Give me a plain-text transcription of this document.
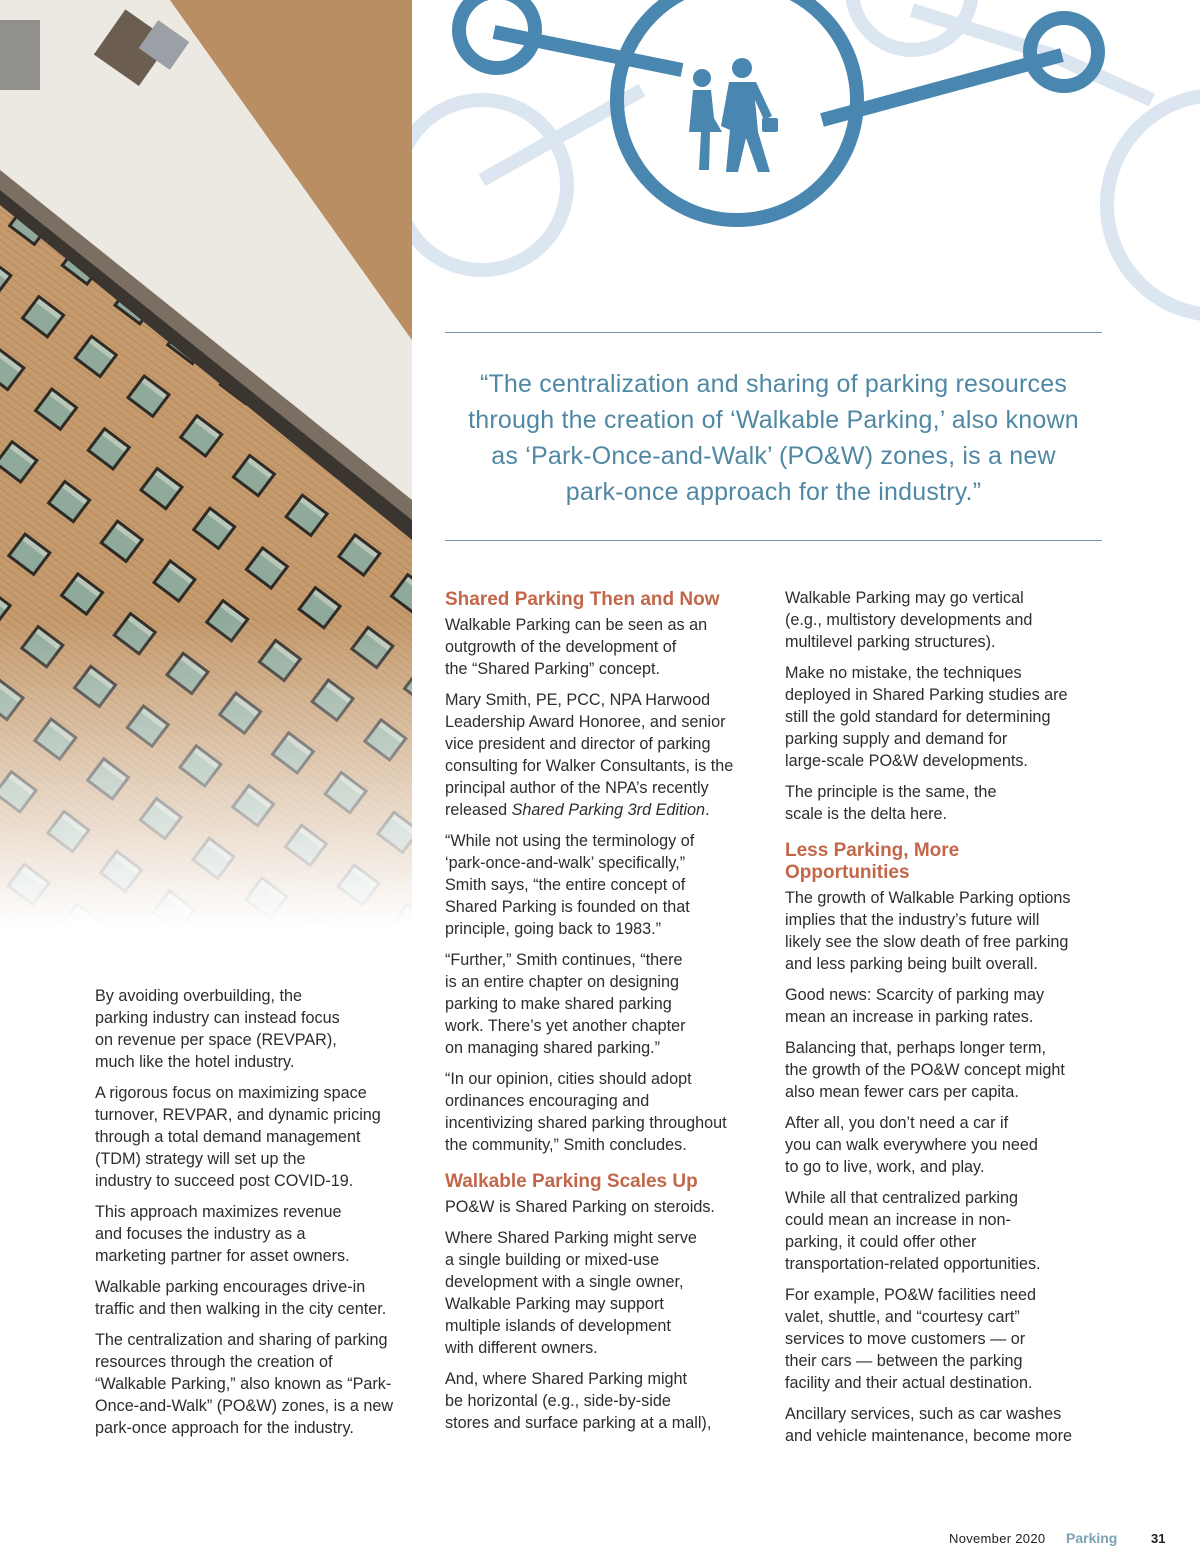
“The centralization and sharing of parking resources
through the creation of ‘Walkable Parking,’ also known
as ‘Park-Once-and-Walk’ (PO&W) zones, is a new
park-once approach for the industry.”

By avoiding overbuilding, the
parking industry can instead focus
on revenue per space (REVPAR),
much like the hotel industry.

A rigorous focus on maximizing space
turnover, REVPAR, and dynamic pricing
through a total demand management
(TDM) strategy will set up the
industry to succeed post COVID-19.

This approach maximizes revenue
and focuses the industry as a
marketing partner for asset owners.

Walkable parking encourages drive-in
traffic and then walking in the city center.

The centralization and sharing of parking
resources through the creation of
“Walkable Parking,” also known as “Park-
Once-and-Walk” (PO&W) zones, is a new
park-once approach for the industry.

Shared Parking Then and Now

Walkable Parking can be seen as an
outgrowth of the development of
the “Shared Parking” concept.

Mary Smith, PE, PCC, NPA Harwood
Leadership Award Honoree, and senior
vice president and director of parking
consulting for Walker Consultants, is the
principal author of the NPA’s recently
released Shared Parking 3rd Edition.

“While not using the terminology of
‘park-once-and-walk’ specifically,”
Smith says, “the entire concept of
Shared Parking is founded on that
principle, going back to 1983.”

“Further,” Smith continues, “there
is an entire chapter on designing
parking to make shared parking
work. There’s yet another chapter
on managing shared parking.”

“In our opinion, cities should adopt
ordinances encouraging and
incentivizing shared parking throughout
the community,” Smith concludes.

Walkable Parking Scales Up

PO&W is Shared Parking on steroids.

Where Shared Parking might serve
a single building or mixed-use
development with a single owner,
Walkable Parking may support
multiple islands of development
with different owners.

And, where Shared Parking might
be horizontal (e.g., side-by-side
stores and surface parking at a mall),

Walkable Parking may go vertical
(e.g., multistory developments and
multilevel parking structures).

Make no mistake, the techniques
deployed in Shared Parking studies are
still the gold standard for determining
parking supply and demand for
large-scale PO&W developments.

The principle is the same, the
scale is the delta here.

Less Parking, More
Opportunities

The growth of Walkable Parking options
implies that the industry’s future will
likely see the slow death of free parking
and less parking being built overall.

Good news: Scarcity of parking may
mean an increase in parking rates.

Balancing that, perhaps longer term,
the growth of the PO&W concept might
also mean fewer cars per capita.

After all, you don’t need a car if
you can walk everywhere you need
to go to live, work, and play.

While all that centralized parking
could mean an increase in non-
parking, it could offer other
transportation-related opportunities.

For example, PO&W facilities need
valet, shuttle, and “courtesy cart”
services to move customers — or
their cars — between the parking
facility and their actual destination.

Ancillary services, such as car washes
and vehicle maintenance, become more

November 2020 Parking	31
